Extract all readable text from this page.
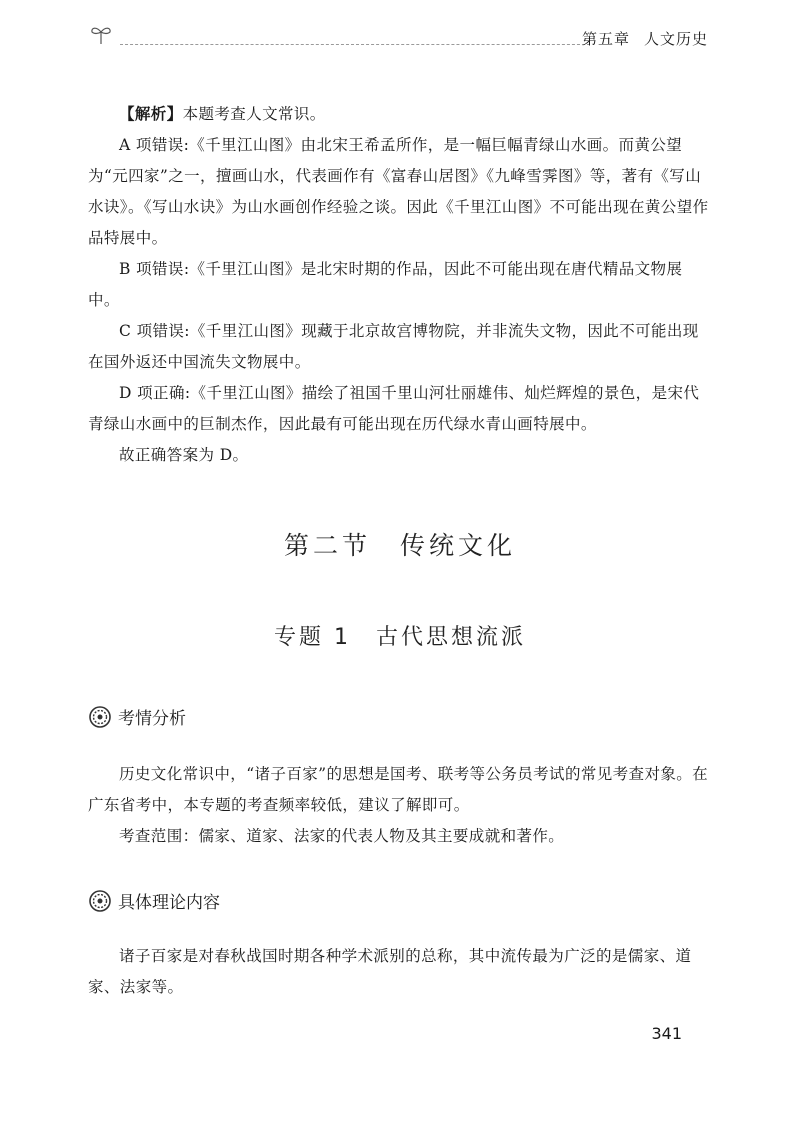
第五章 人文历史

【解析】本题考查人文常识。

A 项错误:《千里江山图》由北宋王希孟所作，是一幅巨幅青绿山水画。而黄公望为“元四家”之一，擅画山水，代表画作有《富春山居图》《九峰雪霁图》等，著有《写山水诀》。《写山水诀》为山水画创作经验之谈。因此《千里江山图》不可能出现在黄公望作品特展中。

B 项错误:《千里江山图》是北宋时期的作品，因此不可能出现在唐代精品文物展中。

C 项错误:《千里江山图》现藏于北京故宫博物院，并非流失文物，因此不可能出现在国外返还中国流失文物展中。

D 项正确:《千里江山图》描绘了祖国千里山河壮丽雄伟、灿烂辉煌的景色，是宋代青绿山水画中的巨制杰作，因此最有可能出现在历代绿水青山画特展中。

故正确答案为 D。

第二节　传统文化
专题 1　古代思想流派
考情分析

历史文化常识中，“诸子百家”的思想是国考、联考等公务员考试的常见考查对象。在广东省考中，本专题的考查频率较低，建议了解即可。

考查范围：儒家、道家、法家的代表人物及其主要成就和著作。

具体理论内容

诸子百家是对春秋战国时期各种学术派别的总称，其中流传最为广泛的是儒家、道家、法家等。

341
